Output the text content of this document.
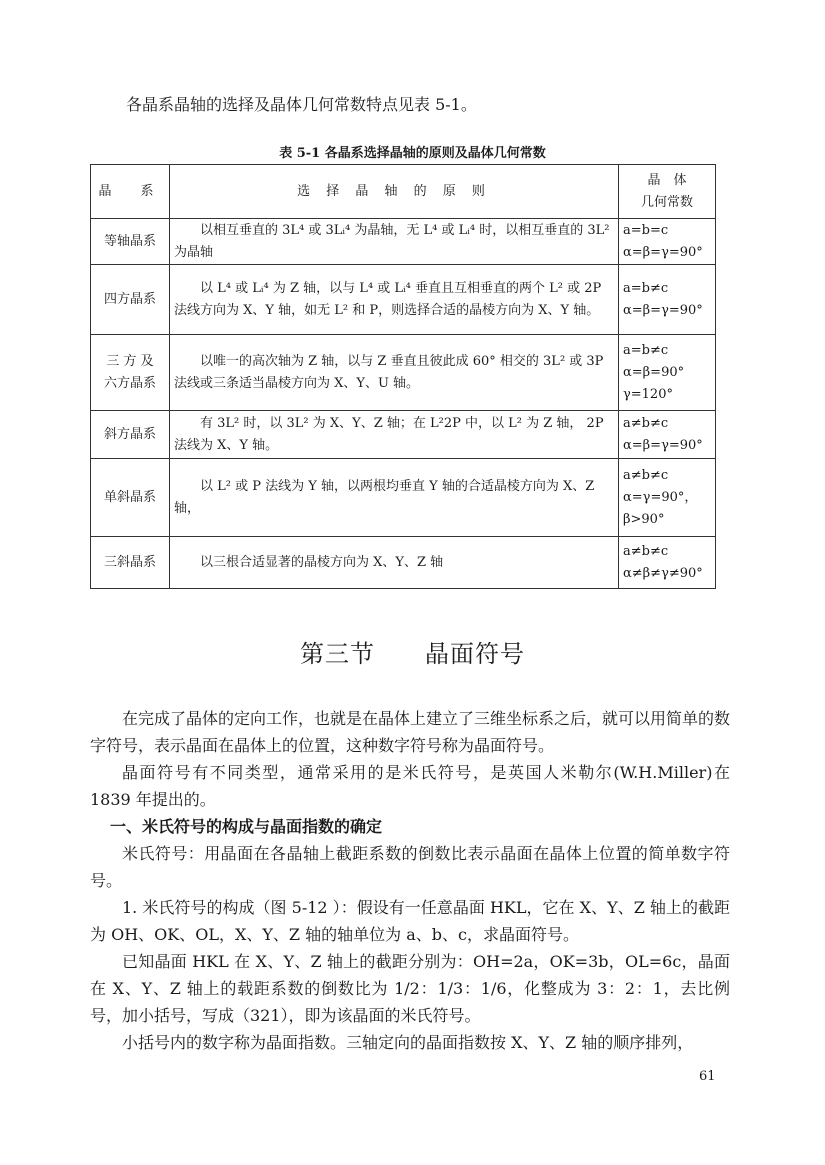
各晶系晶轴的选择及晶体几何常数特点见表 5-1。
表 5-1 各晶系选择晶轴的原则及晶体几何常数
晶　系	选 择 晶 轴 的 原 则	晶　体
几何常数
等轴晶系	以相互垂直的 3L⁴ 或 3Lᵢ⁴ 为晶轴，无 L⁴ 或 Lᵢ⁴ 时，以相互垂直的 3L² 为晶轴	a=b=c
α=β=γ=90°
四方晶系	以 L⁴ 或 Lᵢ⁴ 为 Z 轴，以与 L⁴ 或 Lᵢ⁴ 垂直且互相垂直的两个 L² 或 2P 法线方向为 X、Y 轴，如无 L² 和 P，则选择合适的晶棱方向为 X、Y 轴。	a=b≠c
α=β=γ=90°
三 方 及
六方晶系	以唯一的高次轴为 Z 轴，以与 Z 垂直且彼此成 60° 相交的 3L² 或 3P 法线或三条适当晶棱方向为 X、Y、U 轴。	a=b≠c
α=β=90°
γ=120°
斜方晶系	有 3L² 时，以 3L² 为 X、Y、Z 轴；在 L²2P 中，以 L² 为 Z 轴， 2P 法线为 X、Y 轴。	a≠b≠c
α=β=γ=90°
单斜晶系	以 L² 或 P 法线为 Y 轴，以两根均垂直 Y 轴的合适晶棱方向为 X、Z 轴，	a≠b≠c
α=γ=90°，
β>90°
三斜晶系	以三根合适显著的晶棱方向为 X、Y、Z 轴	a≠b≠c
α≠β≠γ≠90°
第三节　　晶面符号
在完成了晶体的定向工作，也就是在晶体上建立了三维坐标系之后，就可以用简单的数字符号，表示晶面在晶体上的位置，这种数字符号称为晶面符号。
晶面符号有不同类型，通常采用的是米氏符号，是英国人米勒尔(W.H.Miller)在 1839 年提出的。
一、米氏符号的构成与晶面指数的确定
米氏符号：用晶面在各晶轴上截距系数的倒数比表示晶面在晶体上位置的简单数字符号。
1. 米氏符号的构成（图 5-12 ）：假设有一任意晶面 HKL，它在 X、Y、Z 轴上的截距为 OH、OK、OL，X、Y、Z 轴的轴单位为 a、b、c，求晶面符号。
已知晶面 HKL 在 X、Y、Z 轴上的截距分别为：OH=2a，OK=3b，OL=6c，晶面在 X、Y、Z 轴上的载距系数的倒数比为 1/2：1/3：1/6，化整成为 3：2：1，去比例号，加小括号，写成（321），即为该晶面的米氏符号。
小括号内的数字称为晶面指数。三轴定向的晶面指数按 X、Y、Z 轴的顺序排列，
61
